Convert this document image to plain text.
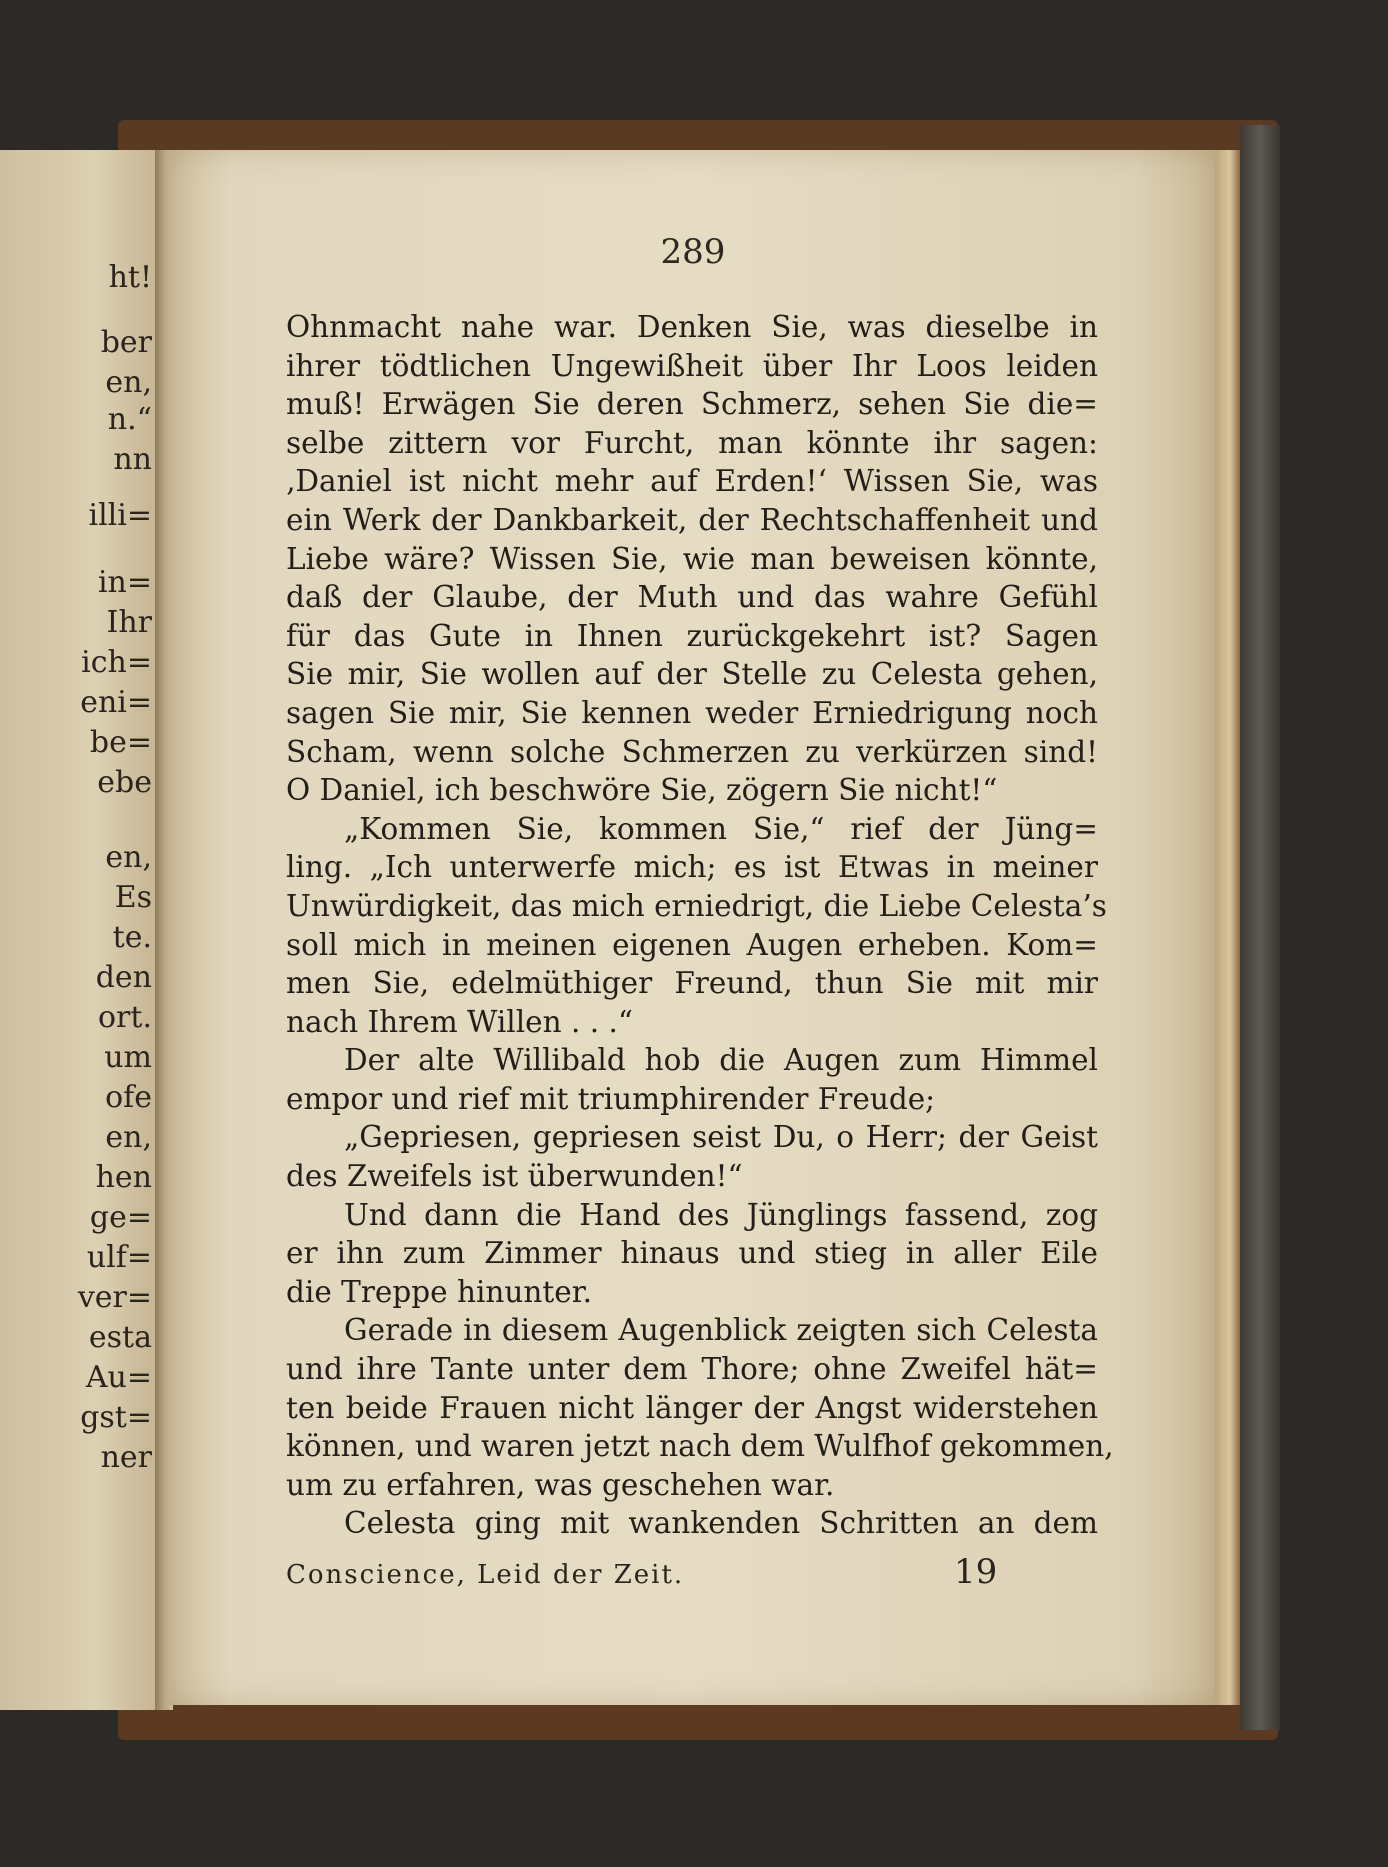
ht!
ber
en,
n.“
nn
illi=
in=
Ihr
ich=
eni=
be=
ebe
en,
Es
te.
den
ort.
um
ofe
en,
hen
ge=
ulf=
ver=
esta
Au=
gst=
ner
289
Ohnmacht nahe war. Denken Sie, was dieselbe in
ihrer tödtlichen Ungewißheit über Ihr Loos leiden
muß! Erwägen Sie deren Schmerz, sehen Sie die=
selbe zittern vor Furcht, man könnte ihr sagen:
‚Daniel ist nicht mehr auf Erden!‘ Wissen Sie, was
ein Werk der Dankbarkeit, der Rechtschaffenheit und
Liebe wäre? Wissen Sie, wie man beweisen könnte,
daß der Glaube, der Muth und das wahre Gefühl
für das Gute in Ihnen zurückgekehrt ist? Sagen
Sie mir, Sie wollen auf der Stelle zu Celesta gehen,
sagen Sie mir, Sie kennen weder Erniedrigung noch
Scham, wenn solche Schmerzen zu verkürzen sind!
O Daniel, ich beschwöre Sie, zögern Sie nicht!“
„Kommen Sie, kommen Sie,“ rief der Jüng=
ling. „Ich unterwerfe mich; es ist Etwas in meiner
Unwürdigkeit, das mich erniedrigt, die Liebe Celesta’s
soll mich in meinen eigenen Augen erheben. Kom=
men Sie, edelmüthiger Freund, thun Sie mit mir
nach Ihrem Willen . . .“
Der alte Willibald hob die Augen zum Himmel
empor und rief mit triumphirender Freude;
„Gepriesen, gepriesen seist Du, o Herr; der Geist
des Zweifels ist überwunden!“
Und dann die Hand des Jünglings fassend, zog
er ihn zum Zimmer hinaus und stieg in aller Eile
die Treppe hinunter.
Gerade in diesem Augenblick zeigten sich Celesta
und ihre Tante unter dem Thore; ohne Zweifel hät=
ten beide Frauen nicht länger der Angst widerstehen
können, und waren jetzt nach dem Wulfhof gekommen,
um zu erfahren, was geschehen war.
Celesta ging mit wankenden Schritten an dem
Conscience, Leid der Zeit.	19
